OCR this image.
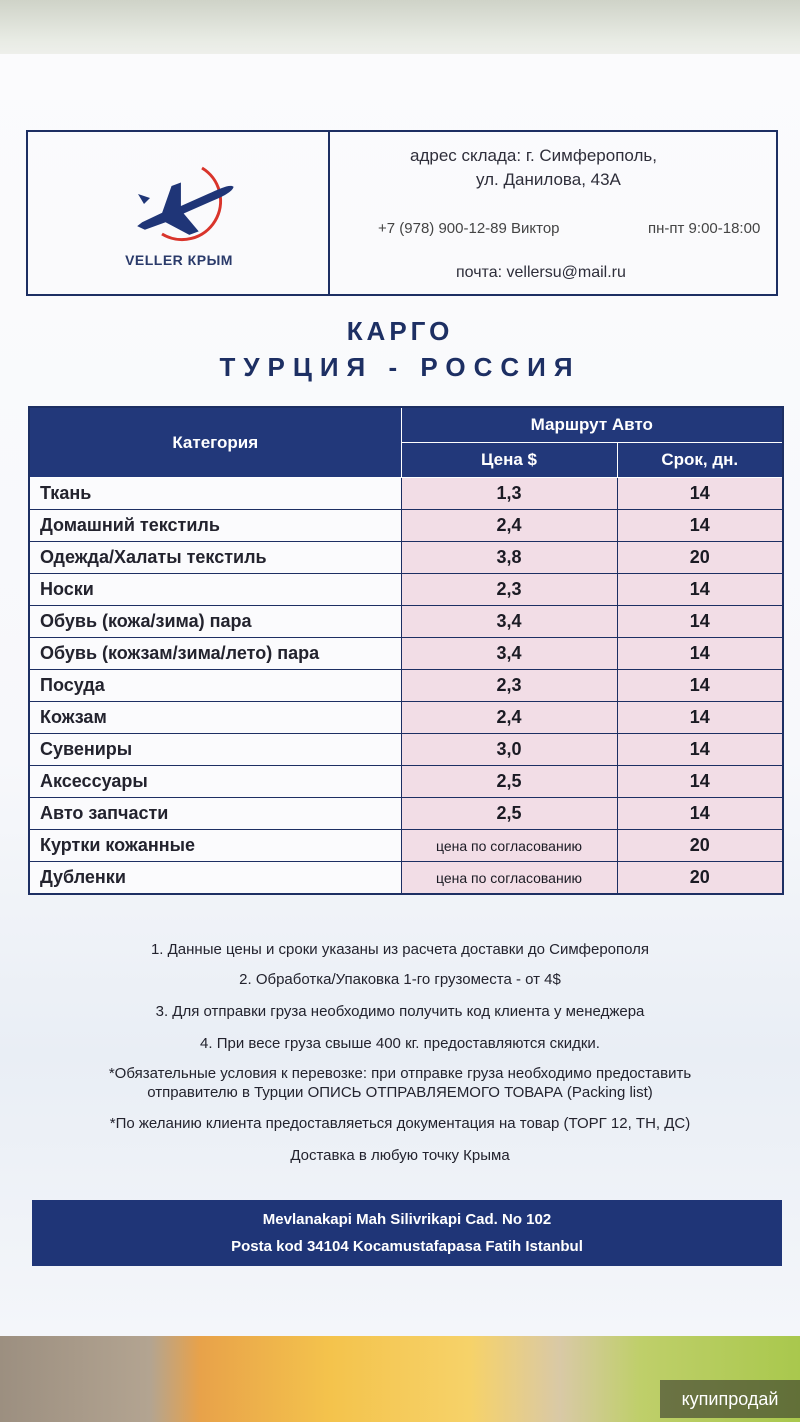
VELLER КРЫМ
адрес склада: г. Симферополь,
ул. Данилова, 43А
+7 (978) 900-12-89 Виктор	пн-пт 9:00-18:00
почта: vellersu@mail.ru
КАРГО
ТУРЦИЯ - РОССИЯ
Категория	Маршрут Авто	
	Цена $	Срок, дн.
Ткань	1,3	14
Домашний текстиль	2,4	14
Одежда/Халаты текстиль	3,8	20
Носки	2,3	14
Обувь (кожа/зима) пара	3,4	14
Обувь (кожзам/зима/лето) пара	3,4	14
Посуда	2,3	14
Кожзам	2,4	14
Сувениры	3,0	14
Аксессуары	2,5	14
Авто запчасти	2,5	14
Куртки кожанные	цена по согласованию	20
Дубленки	цена по согласованию	20

1. Данные цены и сроки указаны из расчета доставки до Симферополя

2. Обработка/Упаковка 1-го грузоместа - от 4$

3. Для отправки груза необходимо получить код клиента у менеджера

4. При весе груза свыше 400 кг. предоставляются скидки.

*Обязательные условия к перевозке: при отправке груза необходимо предоставить

отправителю в Турции ОПИСЬ ОТПРАВЛЯЕМОГО ТОВАРА (Packing list)

*По желанию клиента предоставляеться документация на товар (ТОРГ 12, ТН, ДС)

Доставка в любую точку Крыма

Mevlanakapi Mah Silivrikapi Cad. No 102
Posta kod 34104 Kocamustafapasa Fatih Istanbul
купипродай
